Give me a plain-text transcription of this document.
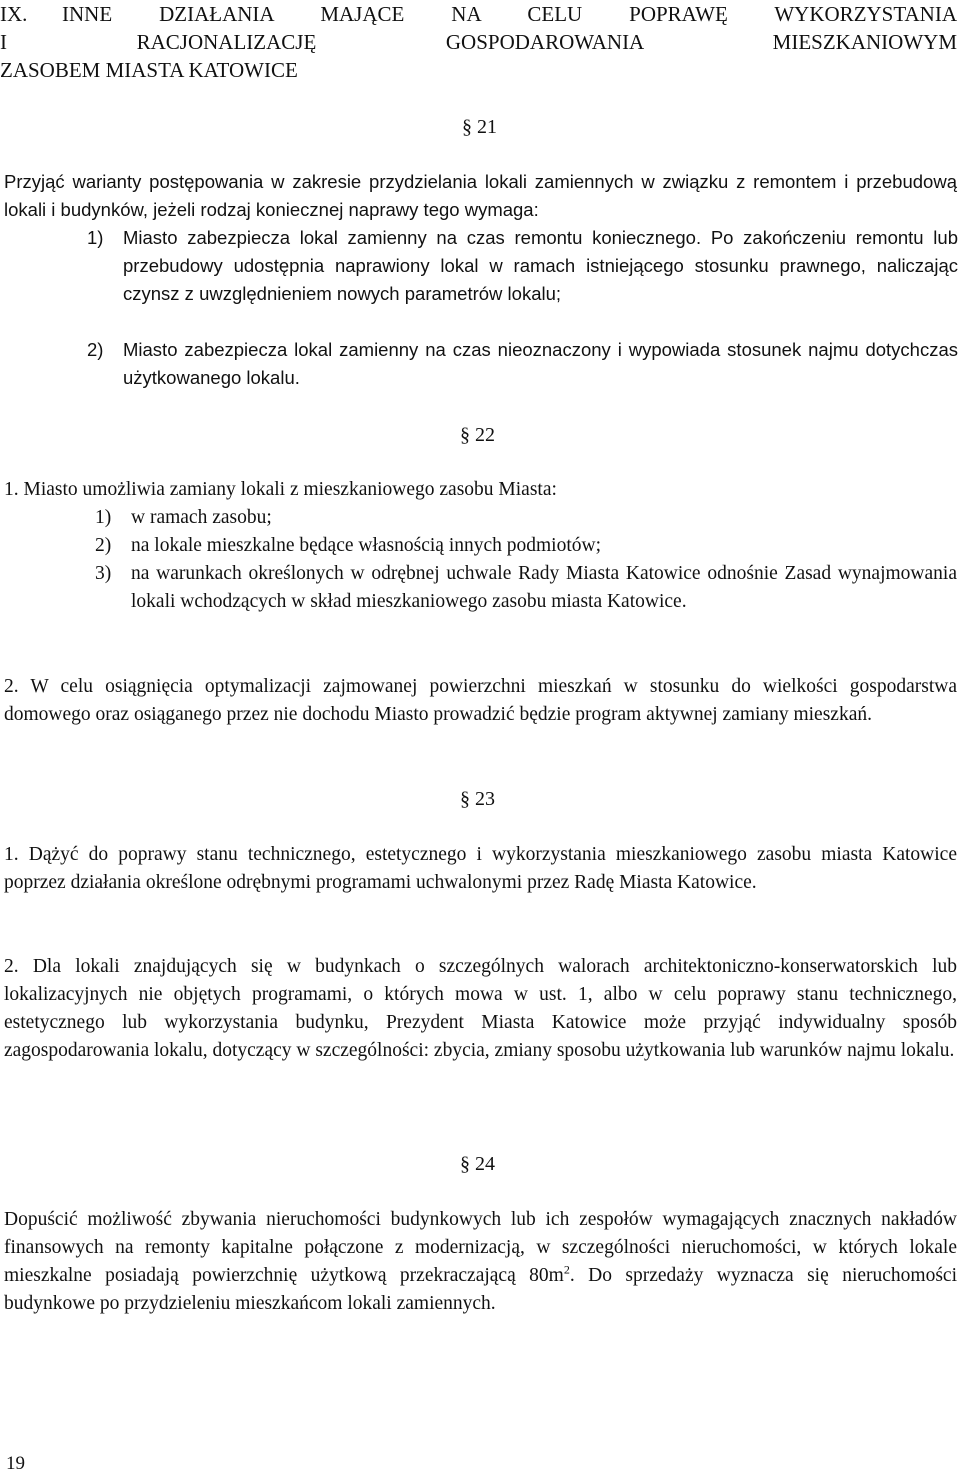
IX. INNE DZIAŁANIA MAJĄCE NA CELU POPRAWĘ WYKORZYSTANIA
I RACJONALIZACJĘ GOSPODAROWANIA MIESZKANIOWYM
ZASOBEM MIASTA KATOWICE
§ 21

Przyjąć warianty postępowania w zakresie przydzielania lokali zamiennych w związku z remontem i przebudową lokali i budynków, jeżeli rodzaj koniecznej naprawy tego wymaga:

1) Miasto zabezpiecza lokal zamienny na czas remontu koniecznego. Po zakończeniu remontu lub przebudowy udostępnia naprawiony lokal w ramach istniejącego stosunku prawnego, naliczając czynsz z uwzględnieniem nowych parametrów lokalu;
2) Miasto zabezpiecza lokal zamienny na czas nieoznaczony i wypowiada stosunek najmu dotychczas użytkowanego lokalu.
§ 22

1. Miasto umożliwia zamiany lokali z mieszkaniowego zasobu Miasta:

1) w ramach zasobu;
2) na lokale mieszkalne będące własnością innych podmiotów;
3) na warunkach określonych w odrębnej uchwale Rady Miasta Katowice odnośnie Zasad wynajmowania lokali wchodzących w skład mieszkaniowego zasobu miasta Katowice.

2. W celu osiągnięcia optymalizacji zajmowanej powierzchni mieszkań w stosunku do wielkości gospodarstwa domowego oraz osiąganego przez nie dochodu Miasto prowadzić będzie program aktywnej zamiany mieszkań.

§ 23

1. Dążyć do poprawy stanu technicznego, estetycznego i wykorzystania mieszkaniowego zasobu miasta Katowice poprzez działania określone odrębnymi programami uchwalonymi przez Radę Miasta Katowice.

2. Dla lokali znajdujących się w budynkach o szczególnych walorach architektoniczno-konserwatorskich lub lokalizacyjnych nie objętych programami, o których mowa w ust. 1, albo w celu poprawy stanu technicznego, estetycznego lub wykorzystania budynku, Prezydent Miasta Katowice może przyjąć indywidualny sposób zagospodarowania lokalu, dotyczący w szczególności: zbycia, zmiany sposobu użytkowania lub warunków najmu lokalu.

§ 24

Dopuścić możliwość zbywania nieruchomości budynkowych lub ich zespołów wymagających znacznych nakładów finansowych na remonty kapitalne połączone z modernizacją, w szczególności nieruchomości, w których lokale mieszkalne posiadają powierzchnię użytkową przekraczającą $80m^2$. Do sprzedaży wyznacza się nieruchomości budynkowe po przydzieleniu mieszkańcom lokali zamiennych.

19
